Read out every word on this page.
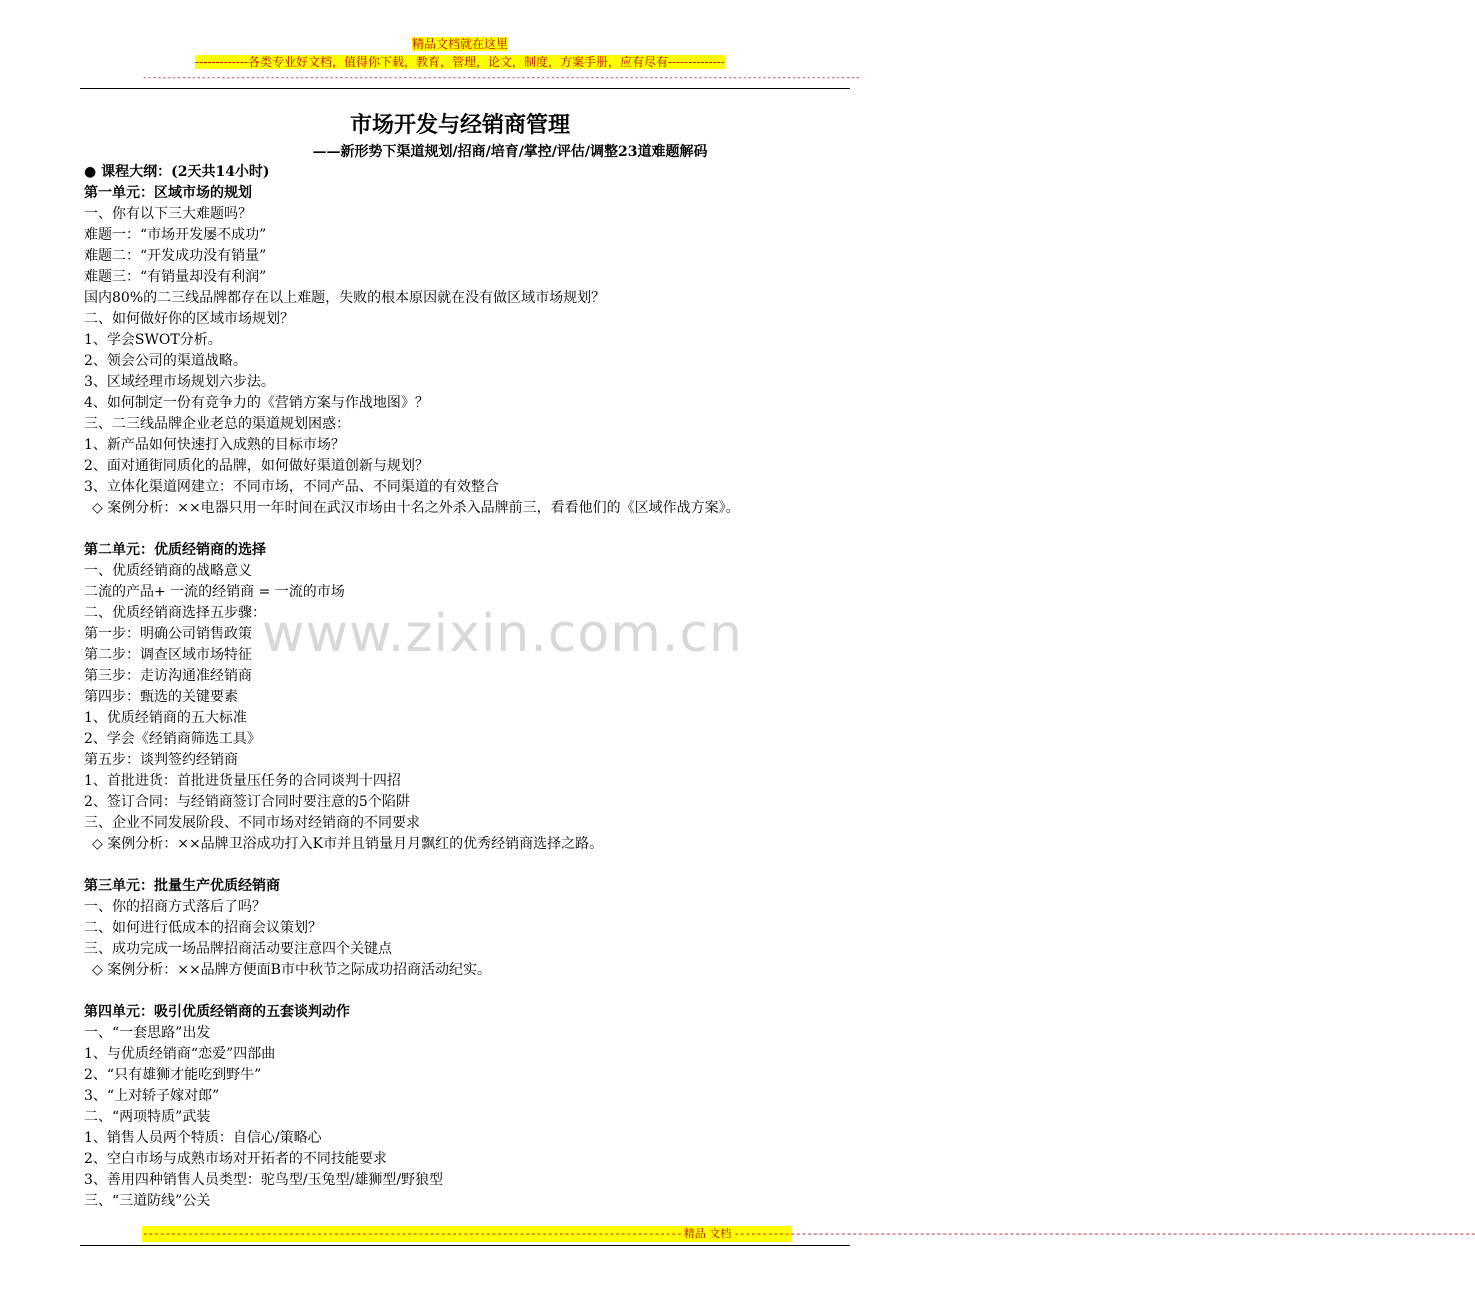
精品文档就在这里
-------------各类专业好文档，值得你下载，教育，管理，论文，制度，方案手册，应有尽有--------------
--------------------------------------------------------------------------------------------------------------------------------------------------
市场开发与经销商管理
——新形势下渠道规划/招商/培育/掌控/评估/调整23道难题解码
● 课程大纲：(2天共14小时)
第一单元：区域市场的规划
一、你有以下三大难题吗？
难题一：“市场开发屡不成功”
难题二：“开发成功没有销量”
难题三：“有销量却没有利润”
国内80%的二三线品牌都存在以上难题，失败的根本原因就在没有做区域市场规划？
二、如何做好你的区域市场规划？
1、学会SWOT分析。
2、领会公司的渠道战略。
3、区域经理市场规划六步法。
4、如何制定一份有竞争力的《营销方案与作战地图》？
三、二三线品牌企业老总的渠道规划困惑：
1、新产品如何快速打入成熟的目标市场？
2、面对通街同质化的品牌，如何做好渠道创新与规划？
3、立体化渠道网建立：不同市场，不同产品、不同渠道的有效整合
◇ 案例分析：××电器只用一年时间在武汉市场由十名之外杀入品牌前三，看看他们的《区域作战方案》。
第二单元：优质经销商的选择
一、优质经销商的战略意义
二流的产品+ 一流的经销商 = 一流的市场
二、优质经销商选择五步骤：
第一步：明确公司销售政策
第二步：调查区域市场特征
第三步：走访沟通准经销商
第四步：甄选的关键要素
1、优质经销商的五大标准
2、学会《经销商筛选工具》
第五步：谈判签约经销商
1、首批进货：首批进货量压任务的合同谈判十四招
2、签订合同：与经销商签订合同时要注意的5个陷阱
三、企业不同发展阶段、不同市场对经销商的不同要求
◇ 案例分析：××品牌卫浴成功打入K市并且销量月月飘红的优秀经销商选择之路。
第三单元：批量生产优质经销商
一、你的招商方式落后了吗？
二、如何进行低成本的招商会议策划？
三、成功完成一场品牌招商活动要注意四个关键点
◇ 案例分析：××品牌方便面B市中秋节之际成功招商活动纪实。
第四单元：吸引优质经销商的五套谈判动作
一、“一套思路”出发
1、与优质经销商“恋爱”四部曲
2、“只有雄狮才能吃到野牛”
3、“上对轿子嫁对郎”
二、“两项特质”武装
1、销售人员两个特质：自信心/策略心
2、空白市场与成熟市场对开拓者的不同技能要求
3、善用四种销售人员类型：驼鸟型/玉兔型/雄狮型/野狼型
三、“三道防线”公关
www.zixin.com.cn
------------------------------------------------------------------------------------------------ 精品 文档 ------------------------------------------------------------------------------------------------------------------------------------
